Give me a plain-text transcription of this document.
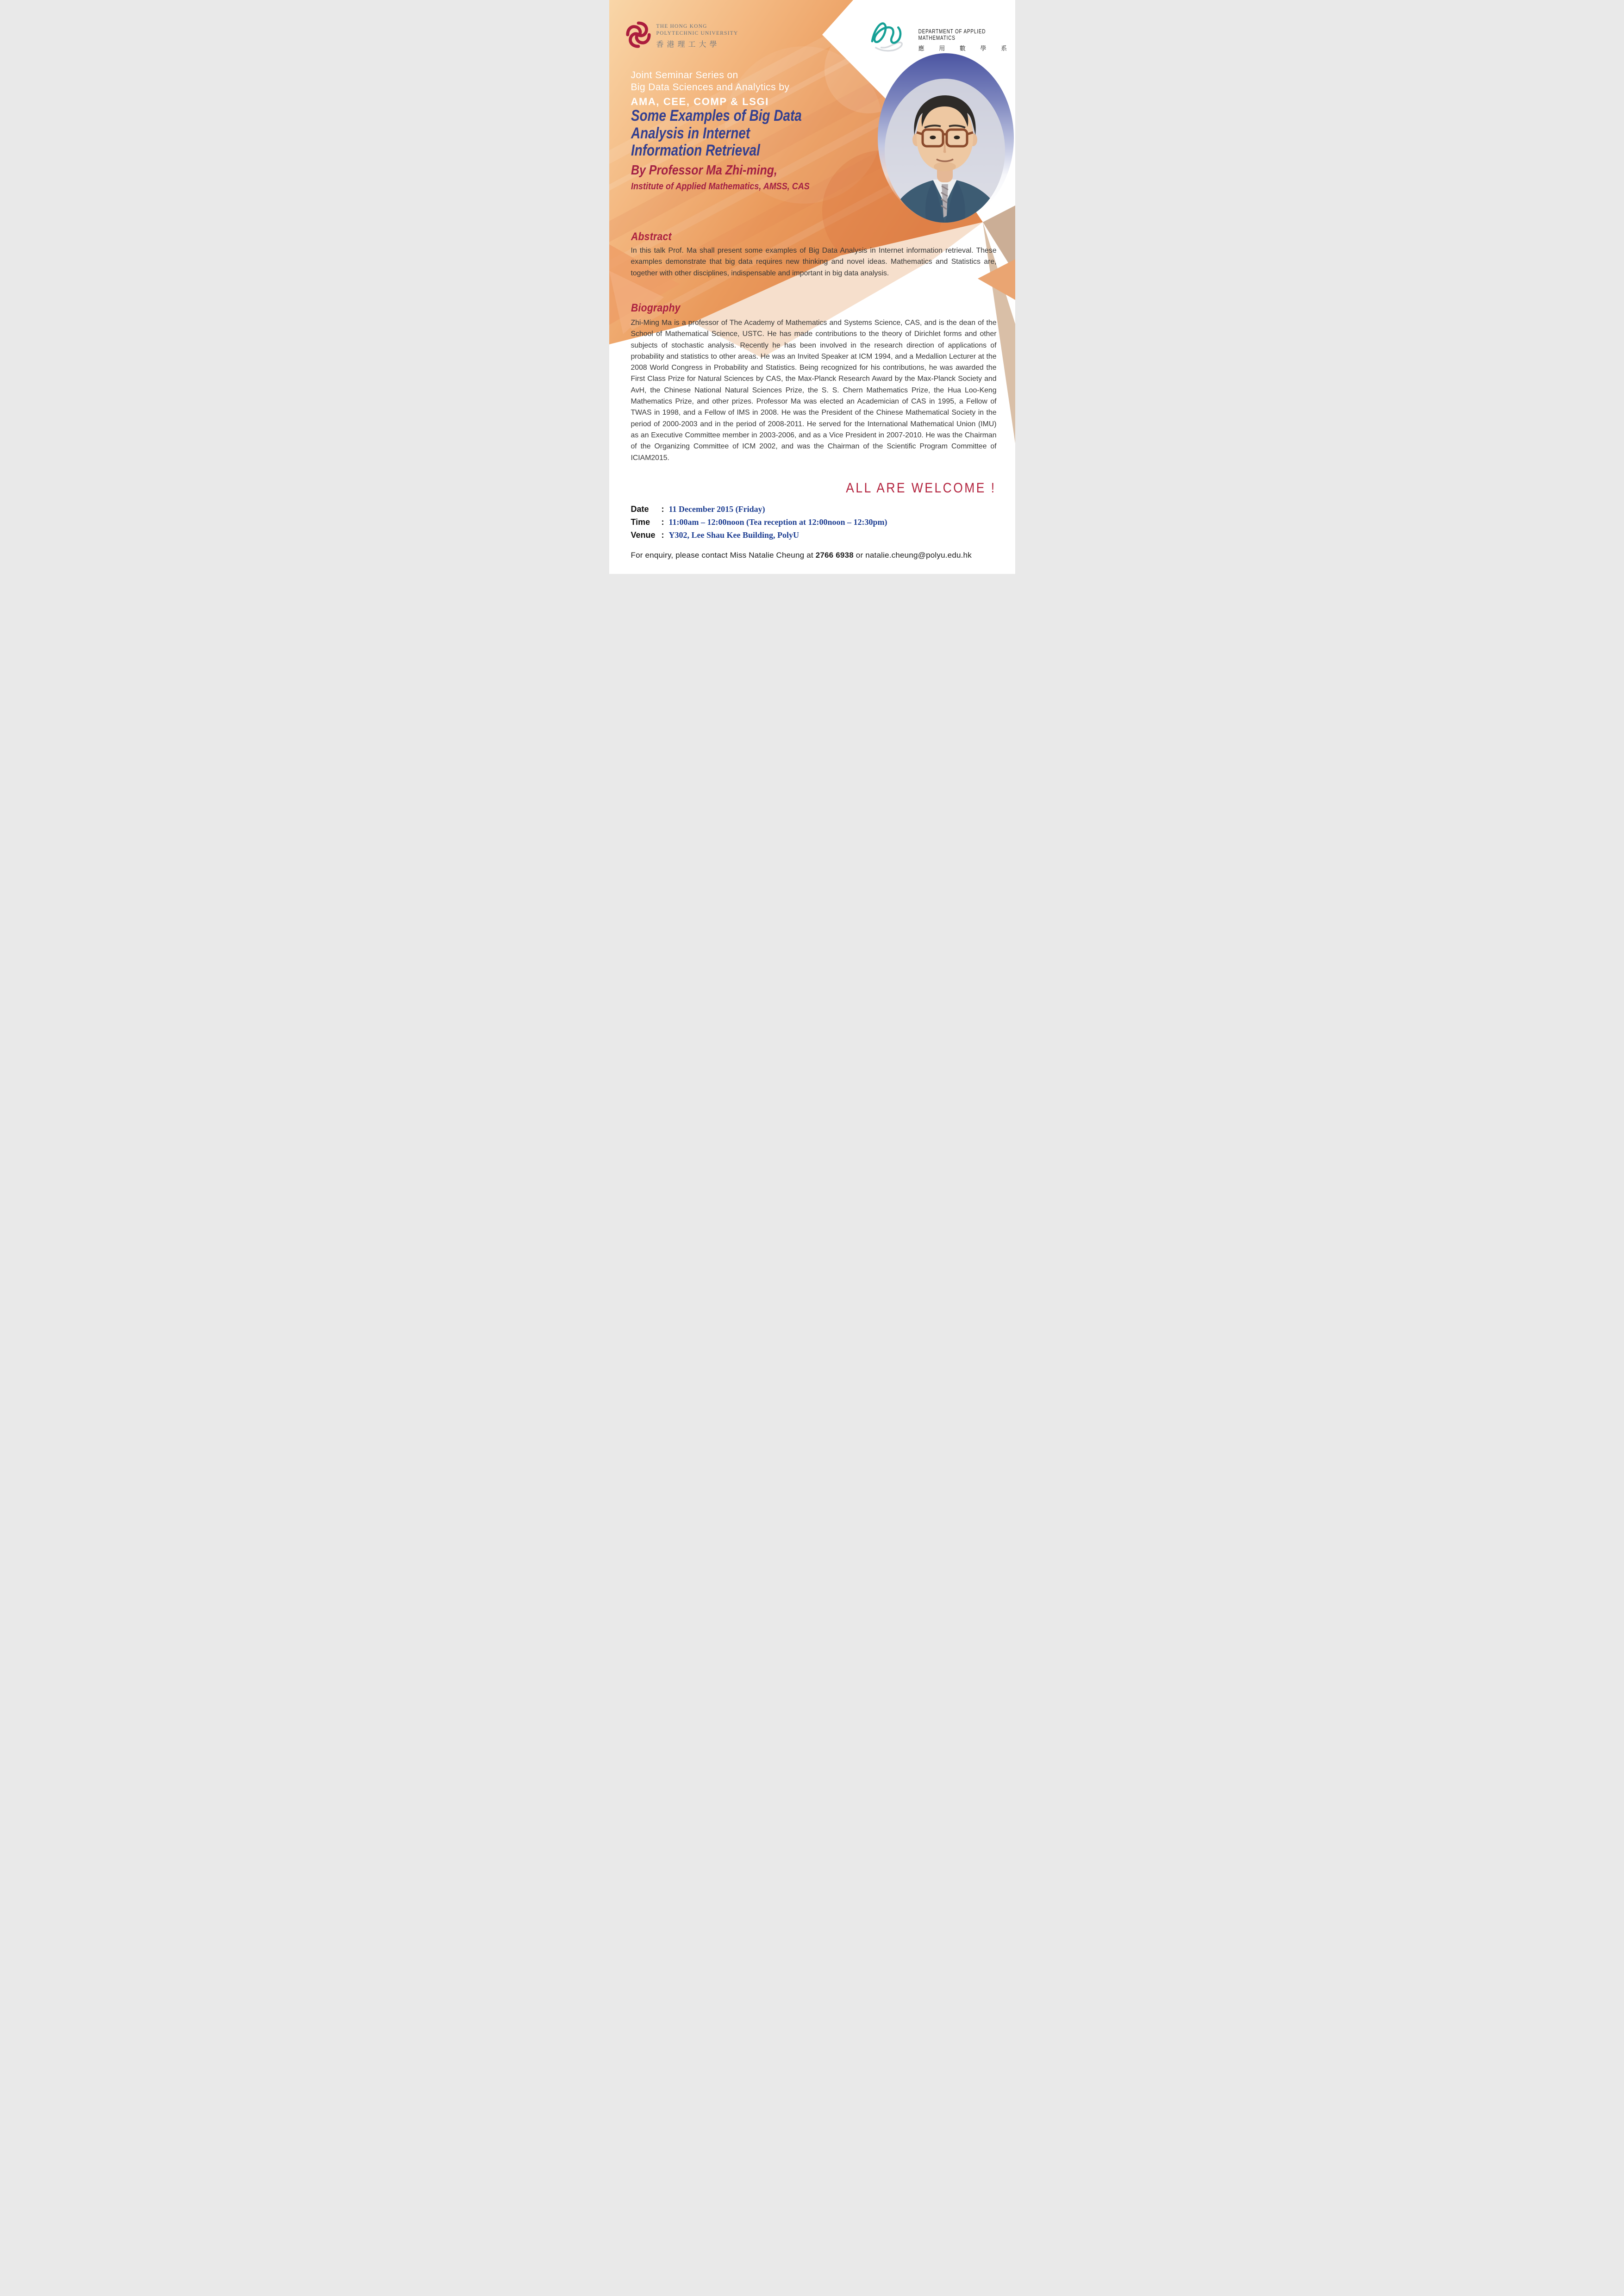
THE HONG KONG
POLYTECHNIC UNIVERSITY
香港理工大學
DEPARTMENT OF APPLIED MATHEMATICS
應 用 數 學 系
Joint Seminar Series on
Big Data Sciences and Analytics by
AMA, CEE, COMP & LSGI
Some Examples of Big Data
Analysis in Internet
Information Retrieval
By Professor Ma Zhi-ming,
Institute of Applied Mathematics, AMSS, CAS
Abstract
In this talk Prof. Ma shall present some examples of Big Data Analysis in Internet information retrieval. These examples demonstrate that big data requires new thinking and novel ideas. Mathematics and Statistics are, together with other disciplines, indispensable and important in big data analysis.
Biography
Zhi-Ming Ma is a professor of The Academy of Mathematics and Systems Science, CAS, and is the dean of the School of Mathematical Science, USTC. He has made contributions to the theory of Dirichlet forms and other subjects of stochastic analysis. Recently he has been involved in the research direction of applications of probability and statistics to other areas. He was an Invited Speaker at ICM 1994, and a Medallion Lecturer at the 2008 World Congress in Probability and Statistics. Being recognized for his contributions, he was awarded the First Class Prize for Natural Sciences by CAS, the Max-Planck Research Award by the Max-Planck Society and AvH, the Chinese National Natural Sciences Prize, the S. S. Chern Mathematics Prize, the Hua Loo-Keng Mathematics Prize, and other prizes. Professor Ma was elected an Academician of CAS in 1995, a Fellow of TWAS in 1998, and a Fellow of IMS in 2008. He was the President of the Chinese Mathematical Society in the period of 2000-2003 and in the period of 2008-2011. He served for the International Mathematical Union (IMU) as an Executive Committee member in 2003-2006, and as a Vice President in 2007-2010. He was the Chairman of the Organizing Committee of ICM 2002, and was the Chairman of the Scientific Program Committee of ICIAM2015.
ALL ARE WELCOME !
Date	: 11 December 2015 (Friday)
Time	: 11:00am – 12:00noon (Tea reception at 12:00noon – 12:30pm)
Venue : Y302, Lee Shau Kee Building, PolyU
For enquiry, please contact Miss Natalie Cheung at 2766 6938 or natalie.cheung@polyu.edu.hk
